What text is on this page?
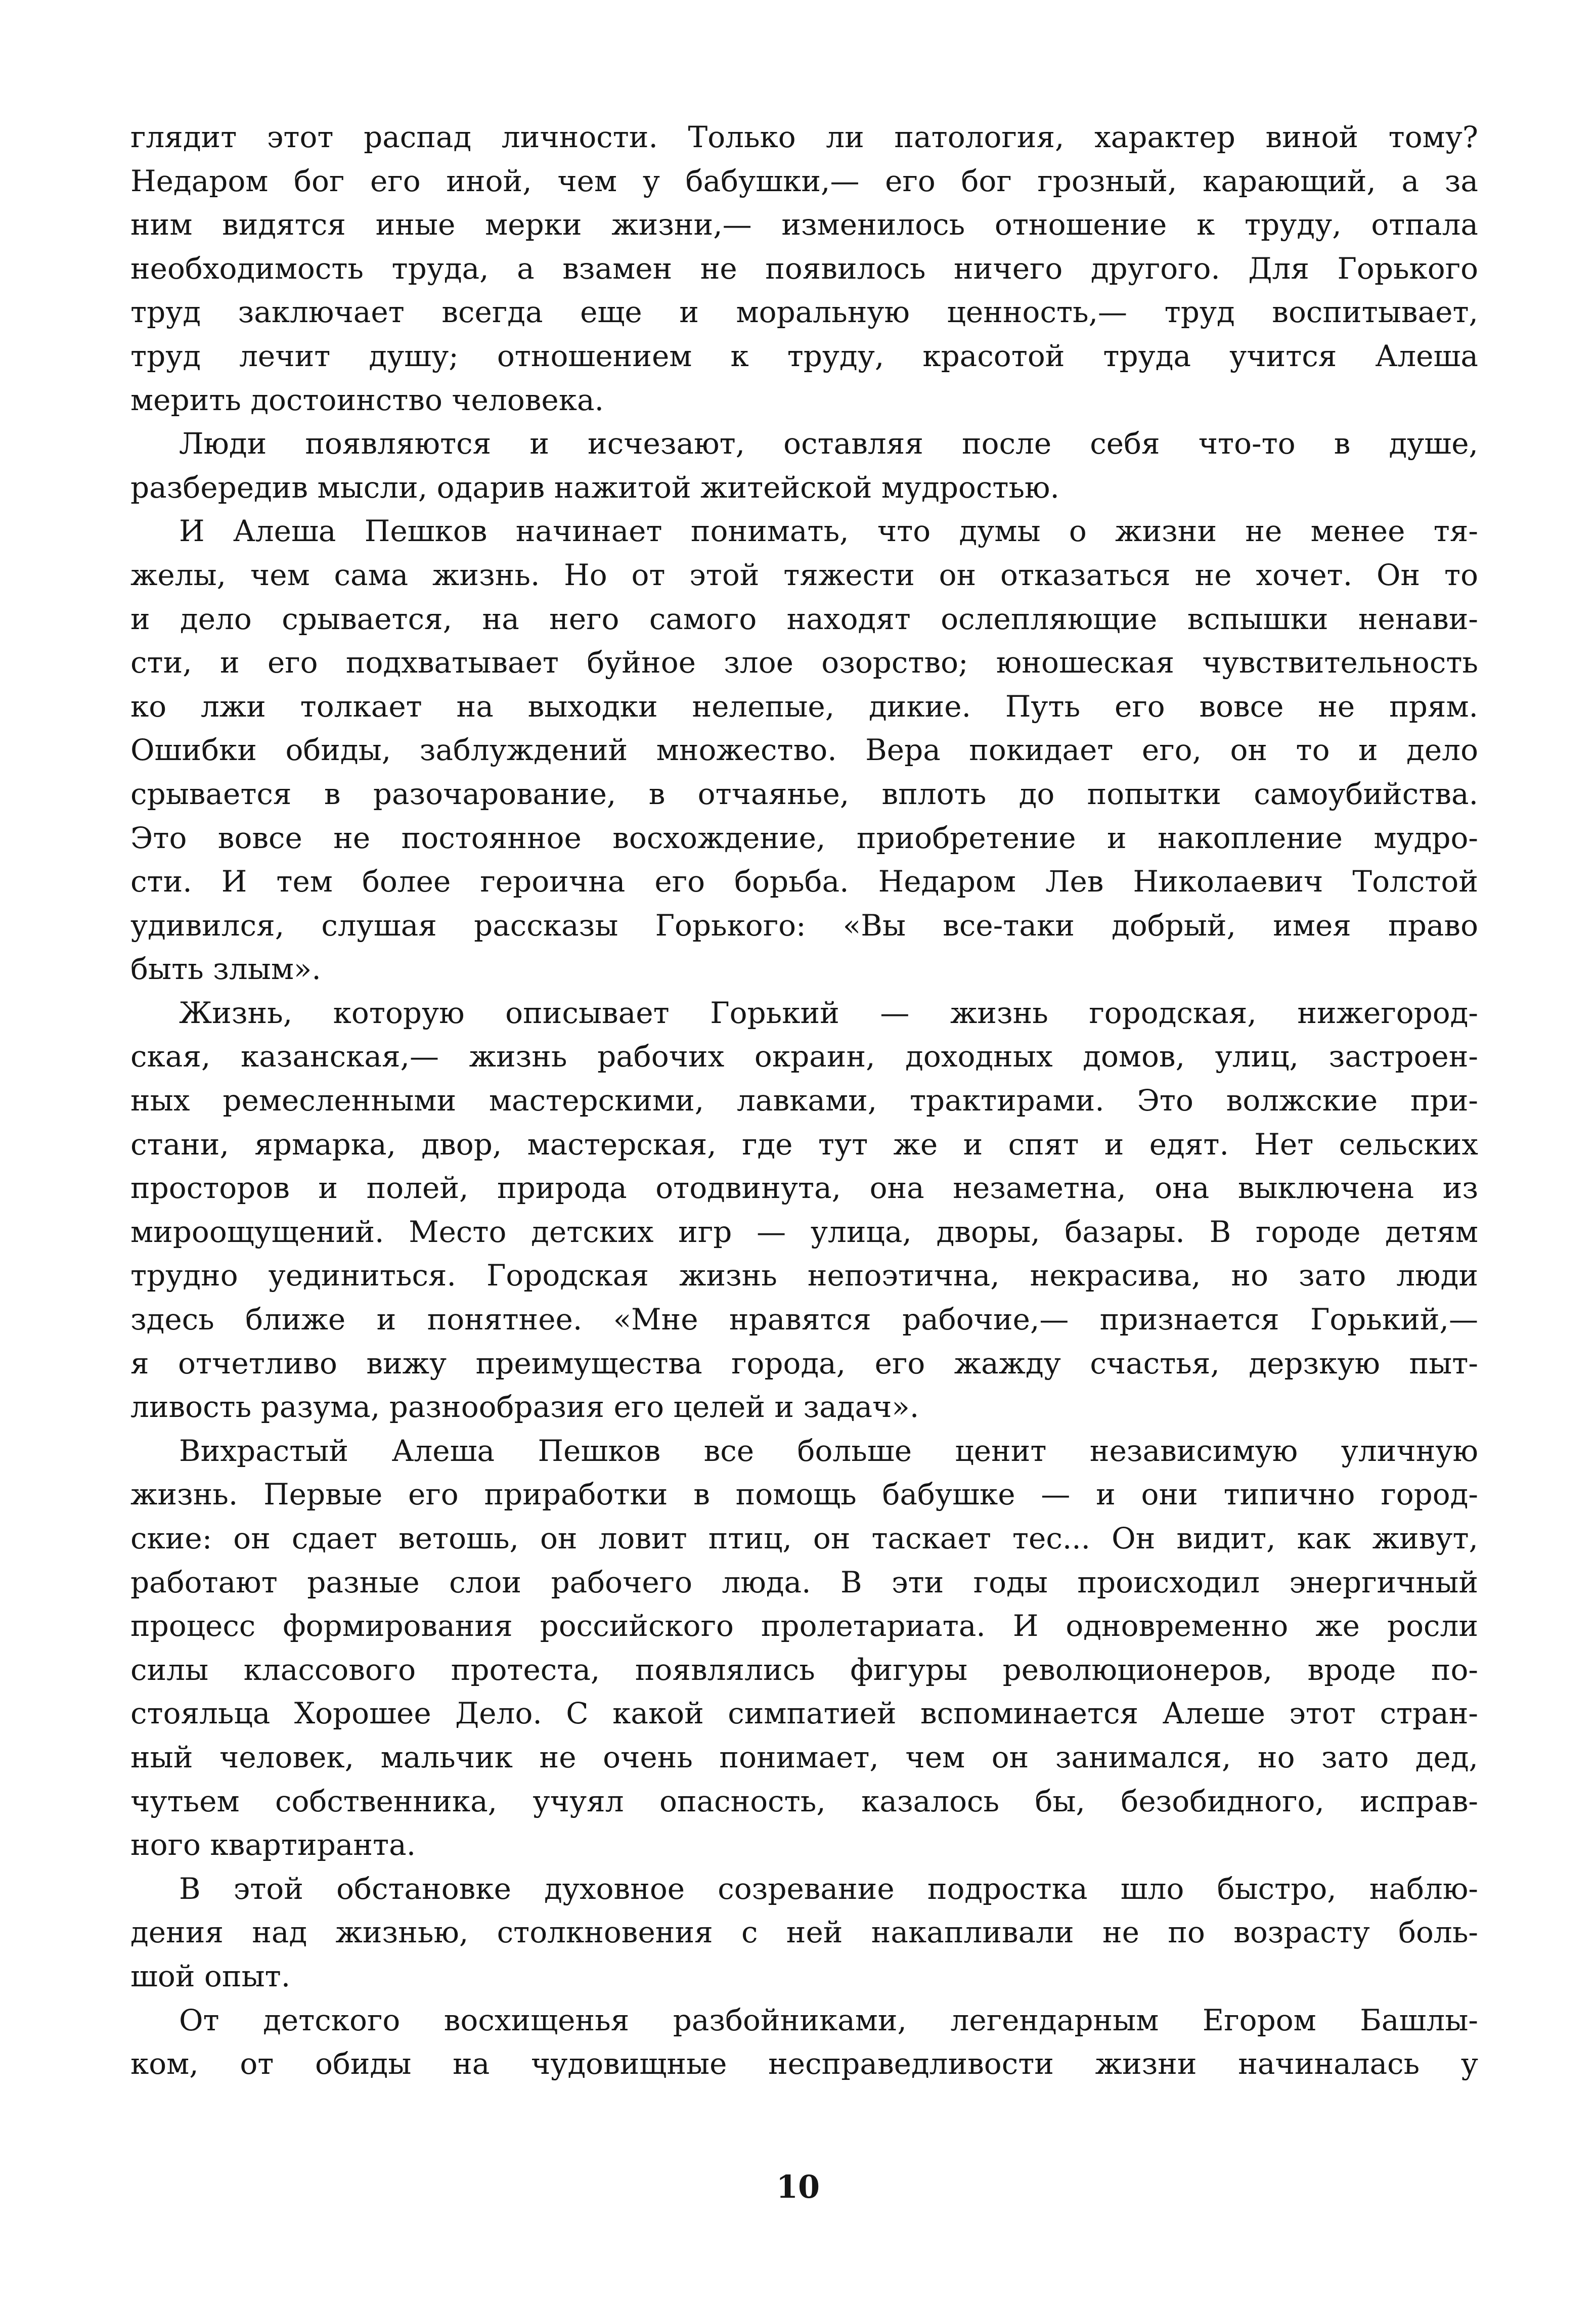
глядит этот распад личности. Только ли патология, характер виной тому?
Недаром бог его иной, чем у бабушки,— его бог грозный, карающий, а за
ним видятся иные мерки жизни,— изменилось отношение к труду, отпала
необходимость труда, а взамен не появилось ничего другого. Для Горького
труд заключает всегда еще и моральную ценность,— труд воспитывает,
труд лечит душу; отношением к труду, красотой труда учится Алеша
мерить достоинство человека.
Люди появляются и исчезают, оставляя после себя что-то в душе,
разбередив мысли, одарив нажитой житейской мудростью.
И Алеша Пешков начинает понимать, что думы о жизни не менее тя-
желы, чем сама жизнь. Но от этой тяжести он отказаться не хочет. Он то
и дело срывается, на него самого находят ослепляющие вспышки ненави-
сти, и его подхватывает буйное злое озорство; юношеская чувствительность
ко лжи толкает на выходки нелепые, дикие. Путь его вовсе не прям.
Ошибки обиды, заблуждений множество. Вера покидает его, он то и дело
срывается в разочарование, в отчаянье, вплоть до попытки самоубийства.
Это вовсе не постоянное восхождение, приобретение и накопление мудро-
сти. И тем более героична его борьба. Недаром Лев Николаевич Толстой
удивился, слушая рассказы Горького: «Вы все-таки добрый, имея право
быть злым».
Жизнь, которую описывает Горький — жизнь городская, нижегород-
ская, казанская,— жизнь рабочих окраин, доходных домов, улиц, застроен-
ных ремесленными мастерскими, лавками, трактирами. Это волжские при-
стани, ярмарка, двор, мастерская, где тут же и спят и едят. Нет сельских
просторов и полей, природа отодвинута, она незаметна, она выключена из
мироощущений. Место детских игр — улица, дворы, базары. В городе детям
трудно уединиться. Городская жизнь непоэтична, некрасива, но зато люди
здесь ближе и понятнее. «Мне нравятся рабочие,— признается Горький,—
я отчетливо вижу преимущества города, его жажду счастья, дерзкую пыт-
ливость разума, разнообразия его целей и задач».
Вихрастый Алеша Пешков все больше ценит независимую уличную
жизнь. Первые его приработки в помощь бабушке — и они типично город-
ские: он сдает ветошь, он ловит птиц, он таскает тес... Он видит, как живут,
работают разные слои рабочего люда. В эти годы происходил энергичный
процесс формирования российского пролетариата. И одновременно же росли
силы классового протеста, появлялись фигуры революционеров, вроде по-
стояльца Хорошее Дело. С какой симпатией вспоминается Алеше этот стран-
ный человек, мальчик не очень понимает, чем он занимался, но зато дед,
чутьем собственника, учуял опасность, казалось бы, безобидного, исправ-
ного квартиранта.
В этой обстановке духовное созревание подростка шло быстро, наблю-
дения над жизнью, столкновения с ней накапливали не по возрасту боль-
шой опыт.
От детского восхищенья разбойниками, легендарным Егором Башлы-
ком, от обиды на чудовищные несправедливости жизни начиналась у
10
